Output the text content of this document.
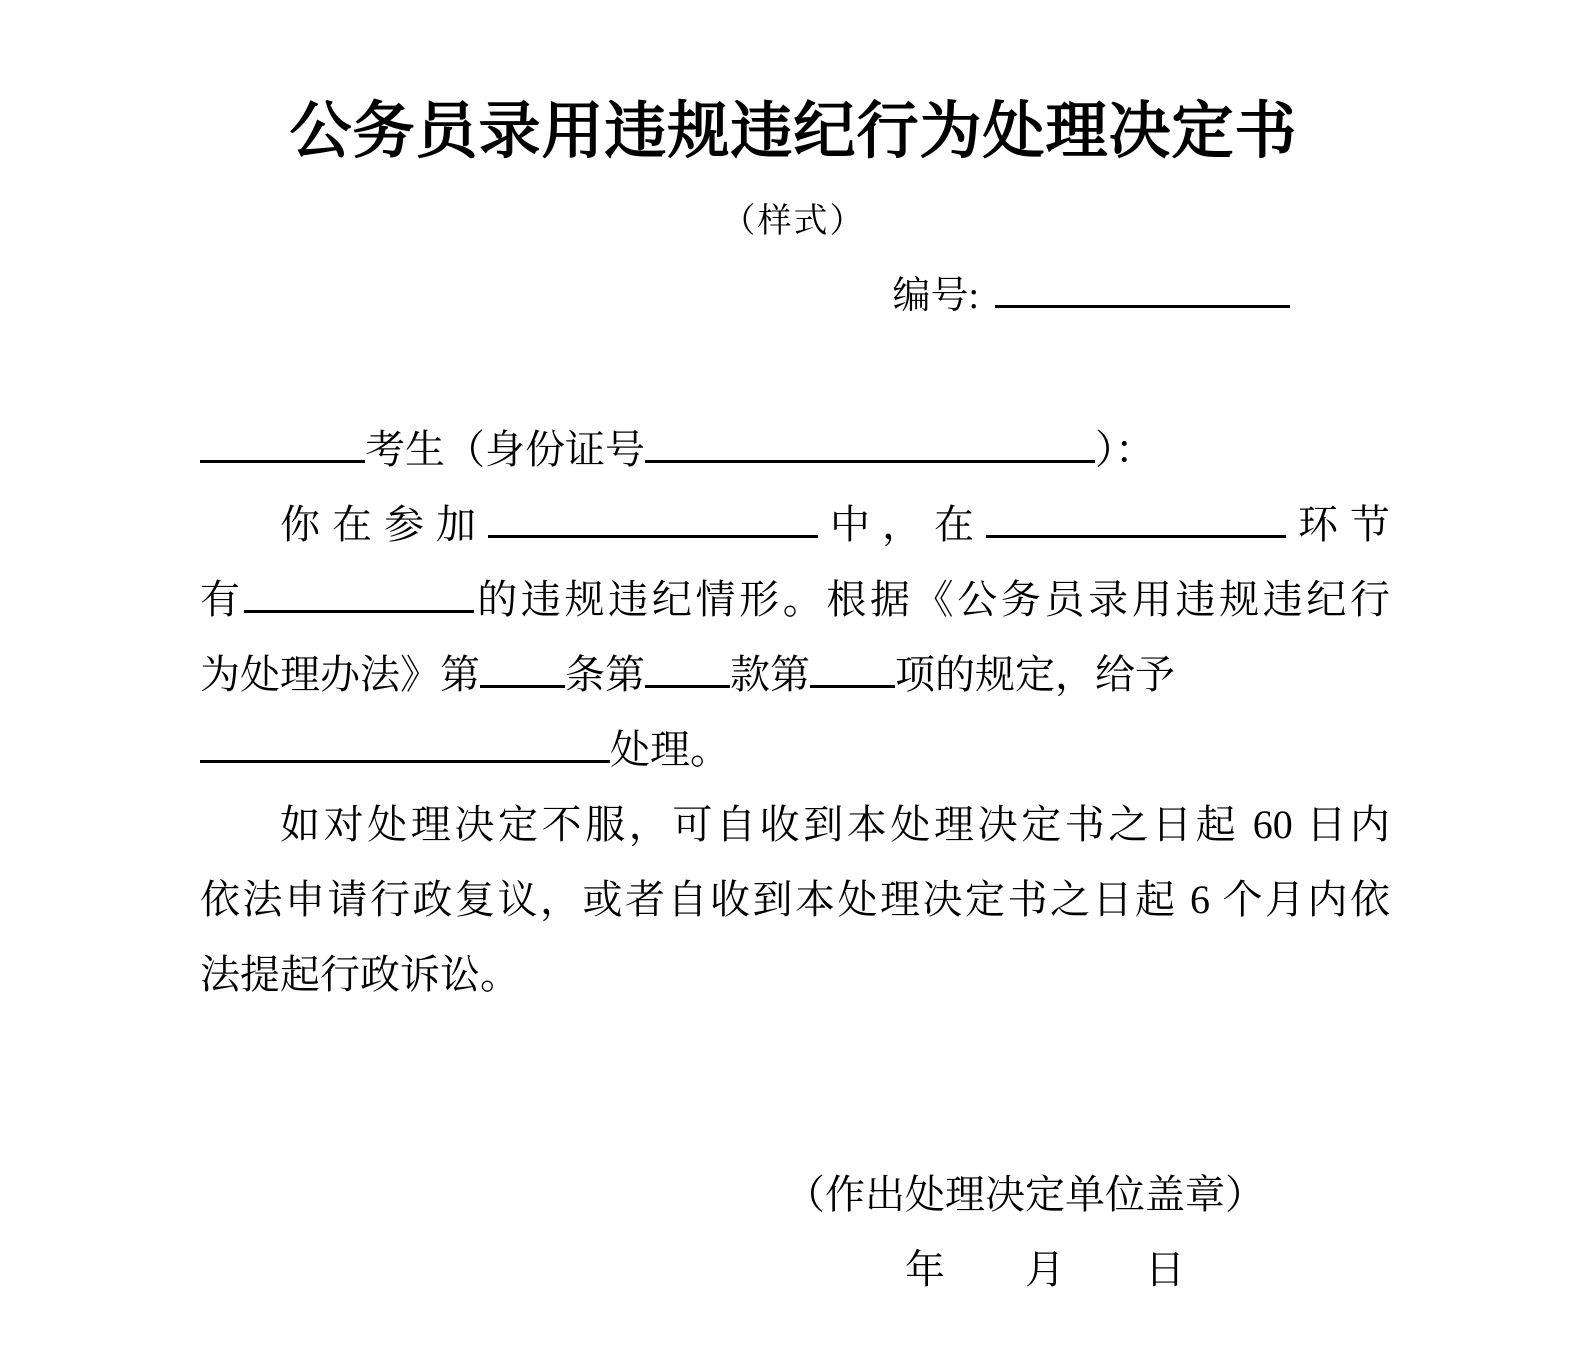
公务员录用违规违纪行为处理决定书
（样式）
编号:
考生（身份证号	）：
你在参加	中，在	环节
有	的违规违纪情形。根据《公务员录用违规违纪行
为处理办法》第 条第 款第 项的规定，给予
处理。
如对处理决定不服，可自收到本处理决定书之日起 60 日内
依法申请行政复议，或者自收到本处理决定书之日起 6 个月内依
法提起行政诉讼。
（作出处理决定单位盖章）
年　　月　　日
